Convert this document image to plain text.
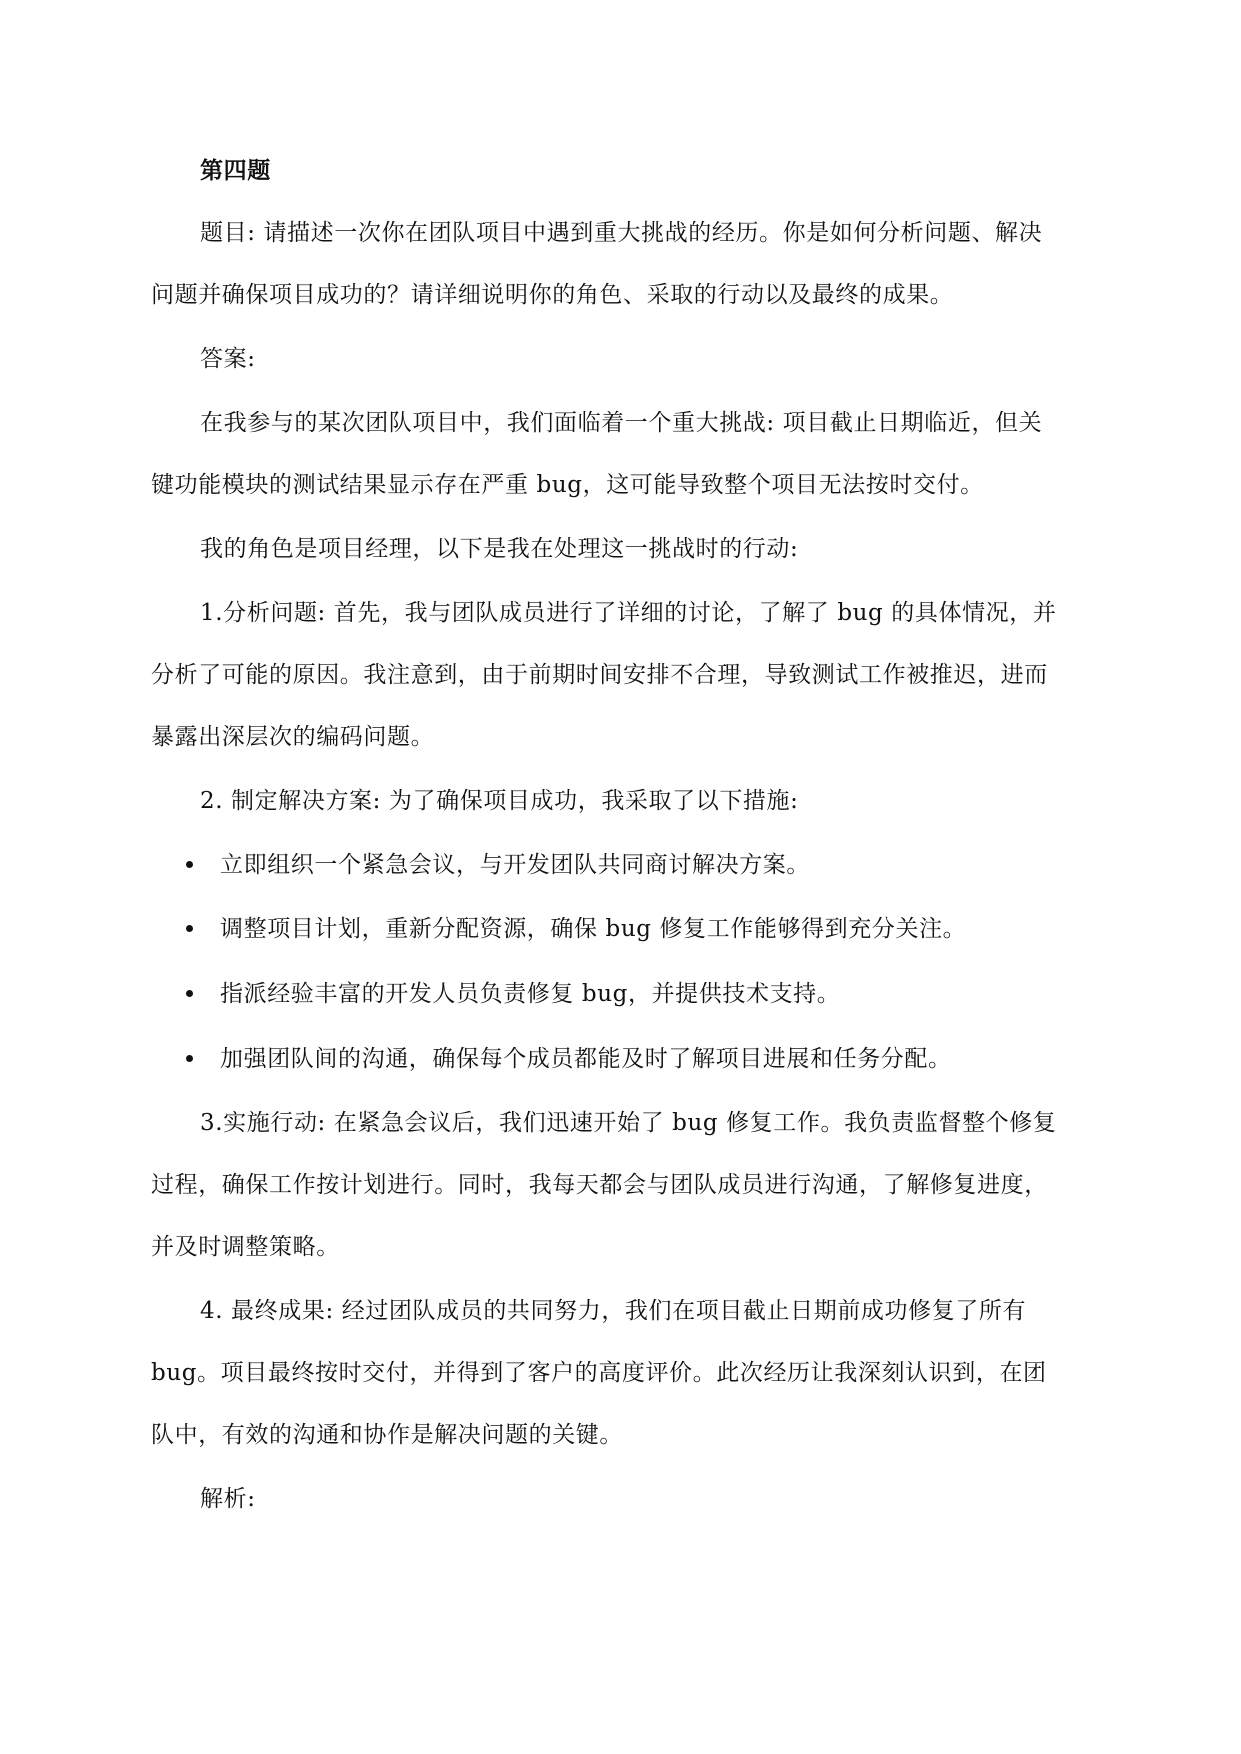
第四题
题目: 请描述一次你在团队项目中遇到重大挑战的经历。你是如何分析问题、解决
问题并确保项目成功的？请详细说明你的角色、采取的行动以及最终的成果。
答案:
在我参与的某次团队项目中，我们面临着一个重大挑战: 项目截止日期临近，但关
键功能模块的测试结果显示存在严重 bug，这可能导致整个项目无法按时交付。
我的角色是项目经理，以下是我在处理这一挑战时的行动:
1.分析问题: 首先，我与团队成员进行了详细的讨论，了解了 bug 的具体情况，并
分析了可能的原因。我注意到，由于前期时间安排不合理，导致测试工作被推迟，进而
暴露出深层次的编码问题。
2. 制定解决方案: 为了确保项目成功，我采取了以下措施:
立即组织一个紧急会议，与开发团队共同商讨解决方案。
调整项目计划，重新分配资源，确保 bug 修复工作能够得到充分关注。
指派经验丰富的开发人员负责修复 bug，并提供技术支持。
加强团队间的沟通，确保每个成员都能及时了解项目进展和任务分配。
3.实施行动: 在紧急会议后，我们迅速开始了 bug 修复工作。我负责监督整个修复
过程，确保工作按计划进行。同时，我每天都会与团队成员进行沟通，了解修复进度，
并及时调整策略。
4. 最终成果: 经过团队成员的共同努力，我们在项目截止日期前成功修复了所有
bug。项目最终按时交付，并得到了客户的高度评价。此次经历让我深刻认识到，在团
队中，有效的沟通和协作是解决问题的关键。
解析:
